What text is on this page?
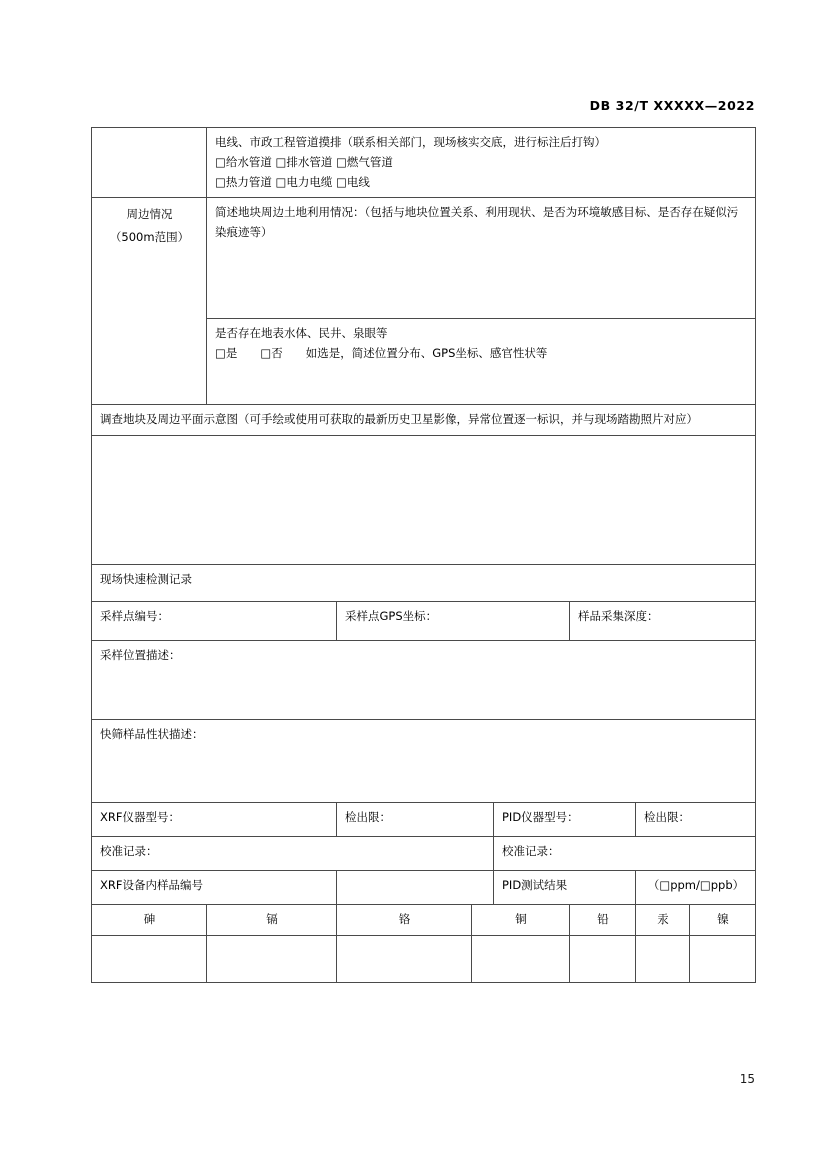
DB 32/T XXXXX—2022

	电线、市政工程管道摸排（联系相关部门，现场核实交底，进行标注后打钩）
□给水管道 □排水管道 □燃气管道
□热力管道 □电力电缆 □电线						

周边情况
（500m范围）	简述地块周边土地利用情况：（包括与地块位置关系、利用现状、是否为环境敏感目标、是否存在疑似污染痕迹等）						

	是否存在地表水体、民井、泉眼等
□是　　□否　　如选是，简述位置分布、GPS坐标、感官性状等						

调查地块及周边平面示意图（可手绘或使用可获取的最新历史卫星影像，异常位置逐一标识，并与现场踏勘照片对应）							

现场快速检测记录							
采样点编号：		采样点GPS坐标：			样品采集深度：		

采样位置描述：							

快筛样品性状描述：							

XRF仪器型号：		检出限：		PID仪器型号：		检出限：	
校准记录：				校准记录：			
XRF设备内样品编号				PID测试结果		（□ppm/□ppb）	
砷	镉	铬	铜		铅	汞	镍

15
